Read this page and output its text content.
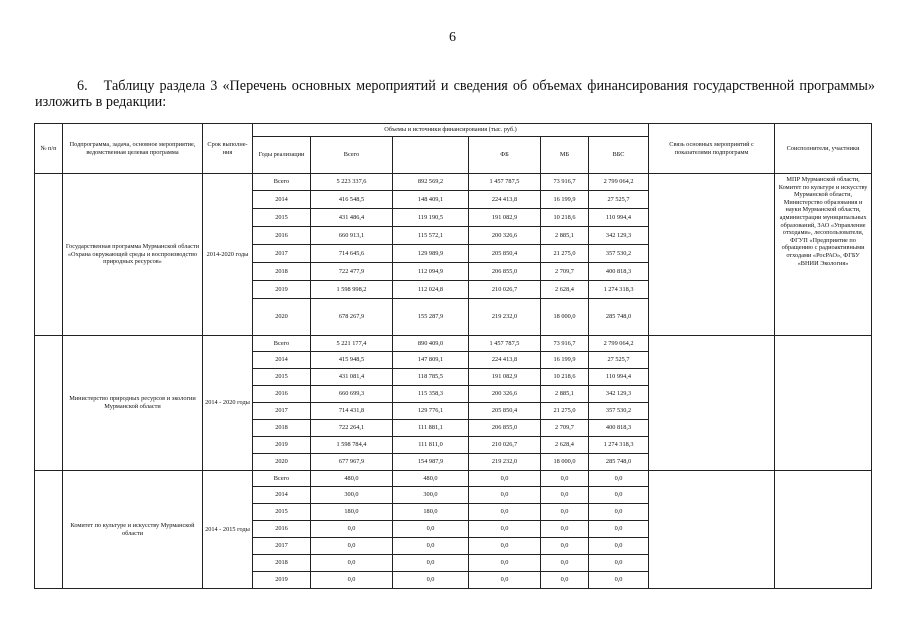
6
6. Таблицу раздела 3 «Перечень основных мероприятий и сведения об объемах финансирования государственной программы» изложить в редакции:
№ п/п	Подпрограмма, задача, основное мероприятие, ведомственная целевая программа	Срок выполне-ния	Объемы и источники финансирования (тыс. руб.)						Связь основных мероприятий с показателями подпрограмм	Соисполнители, участники
			Годы реализации	Всего		ФБ	МБ	ВБС		
	Государственная программа Мурманской области «Охрана окружающей среды и воспроизводство природных ресурсов»	2014-2020 годы	Всего	5 223 337,6	892 569,2	1 457 787,5	73 916,7	2 799 064,2		МПР Мурманской области, Комитет по культуре и искусству Мурманской области, Министерство образования и науки Мурманской области, администрации муниципальных образований, ЗАО «Управление отходами», лесопользователи, ФГУП «Предприятие по обращению с радиоактивными отходами «РосРАО», ФГБУ «ВНИИ Экология»
			2014	416 548,5	148 409,1	224 413,8	16 199,9	27 525,7		
			2015	431 486,4	119 190,5	191 082,9	10 218,6	110 994,4		
			2016	660 913,1	115 572,1	200 326,6	2 885,1	342 129,3		
			2017	714 645,6	129 989,9	205 850,4	21 275,0	357 530,2		
			2018	722 477,9	112 094,9	206 855,0	2 709,7	400 818,3		
			2019	1 598 998,2	112 024,8	210 026,7	2 628,4	1 274 318,3		
			2020	678 267,9	155 287,9	219 232,0	18 000,0	285 748,0		
	Министерство природных ресурсов и экологии Мурманской области	2014 - 2020 годы	Всего	5 221 177,4	890 409,0	1 457 787,5	73 916,7	2 799 064,2		
			2014	415 948,5	147 809,1	224 413,8	16 199,9	27 525,7		
			2015	431 081,4	118 785,5	191 082,9	10 218,6	110 994,4		
			2016	660 699,3	115 358,3	200 326,6	2 885,1	342 129,3		
			2017	714 431,8	129 776,1	205 850,4	21 275,0	357 530,2		
			2018	722 264,1	111 881,1	206 855,0	2 709,7	400 818,3		
			2019	1 598 784,4	111 811,0	210 026,7	2 628,4	1 274 318,3		
			2020	677 967,9	154 987,9	219 232,0	18 000,0	285 748,0		
	Комитет по культуре и искусству Мурманской области	2014 - 2015 годы	Всего	480,0	480,0	0,0	0,0	0,0		
			2014	300,0	300,0	0,0	0,0	0,0		
			2015	180,0	180,0	0,0	0,0	0,0		
			2016	0,0	0,0	0,0	0,0	0,0		
			2017	0,0	0,0	0,0	0,0	0,0		
			2018	0,0	0,0	0,0	0,0	0,0		
			2019	0,0	0,0	0,0	0,0	0,0		
